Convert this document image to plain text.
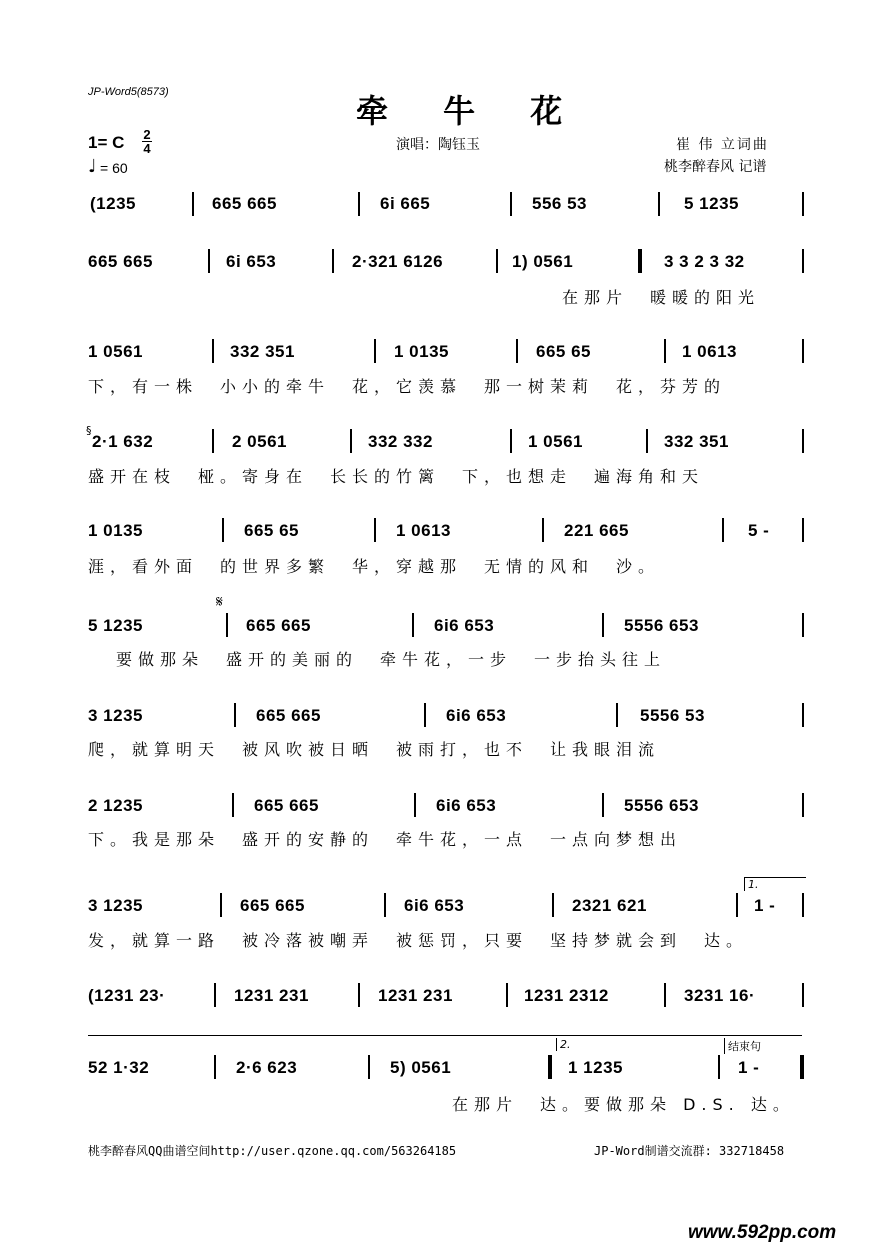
JP-Word5(8573)	牵 牛 花
演唱：陶钰玉	崔 伟 立词曲
桃李醉春风 记谱
1= C 2
4
♩ = 60
(1235	665 665	6i 665	556 53	5 1235
665 665	6i 653	2·321 6126	1) 0561	3 3 2 3 32
在那片　暖暖的阳光
1 0561	332 351	1 0135	665 65	1 0613
下，有一株　小小的牵牛　花，它羡慕　那一树茉莉　花，芬芳的
§
2·1 632	2 0561	332 332	1 0561	332 351
盛开在枝　桠。寄身在　长长的竹篱　下，也想走　遍海角和天
1 0135	665 65	1 0613	221 665	5 -
涯，看外面　的世界多繁　华，穿越那　无情的风和　沙。
𝄋
5 1235	665 665	6i6 653	5556 653
要做那朵　盛开的美丽的　牵牛花，一步　一步抬头往上
3 1235	665 665	6i6 653	5556 53
爬，就算明天　被风吹被日晒　被雨打，也不　让我眼泪流
2 1235	665 665	6i6 653	5556 653
下。我是那朵　盛开的安静的　牵牛花，一点　一点向梦想出
1.
3 1235	665 665	6i6 653	2321 621	1 -
发，就算一路　被冷落被嘲弄　被惩罚，只要　坚持梦就会到　达。
(1231 23·	1231 231	1231 231	1231 2312	3231 16·
2.	结束句
52 1·32	2·6 623	5) 0561	1 1235	1 -
在那片　达。要做那朵 D.S. 达。
桃李醉春风QQ曲谱空间http://user.qzone.qq.com/563264185	JP-Word制谱交流群: 332718458
www.592pp.com
